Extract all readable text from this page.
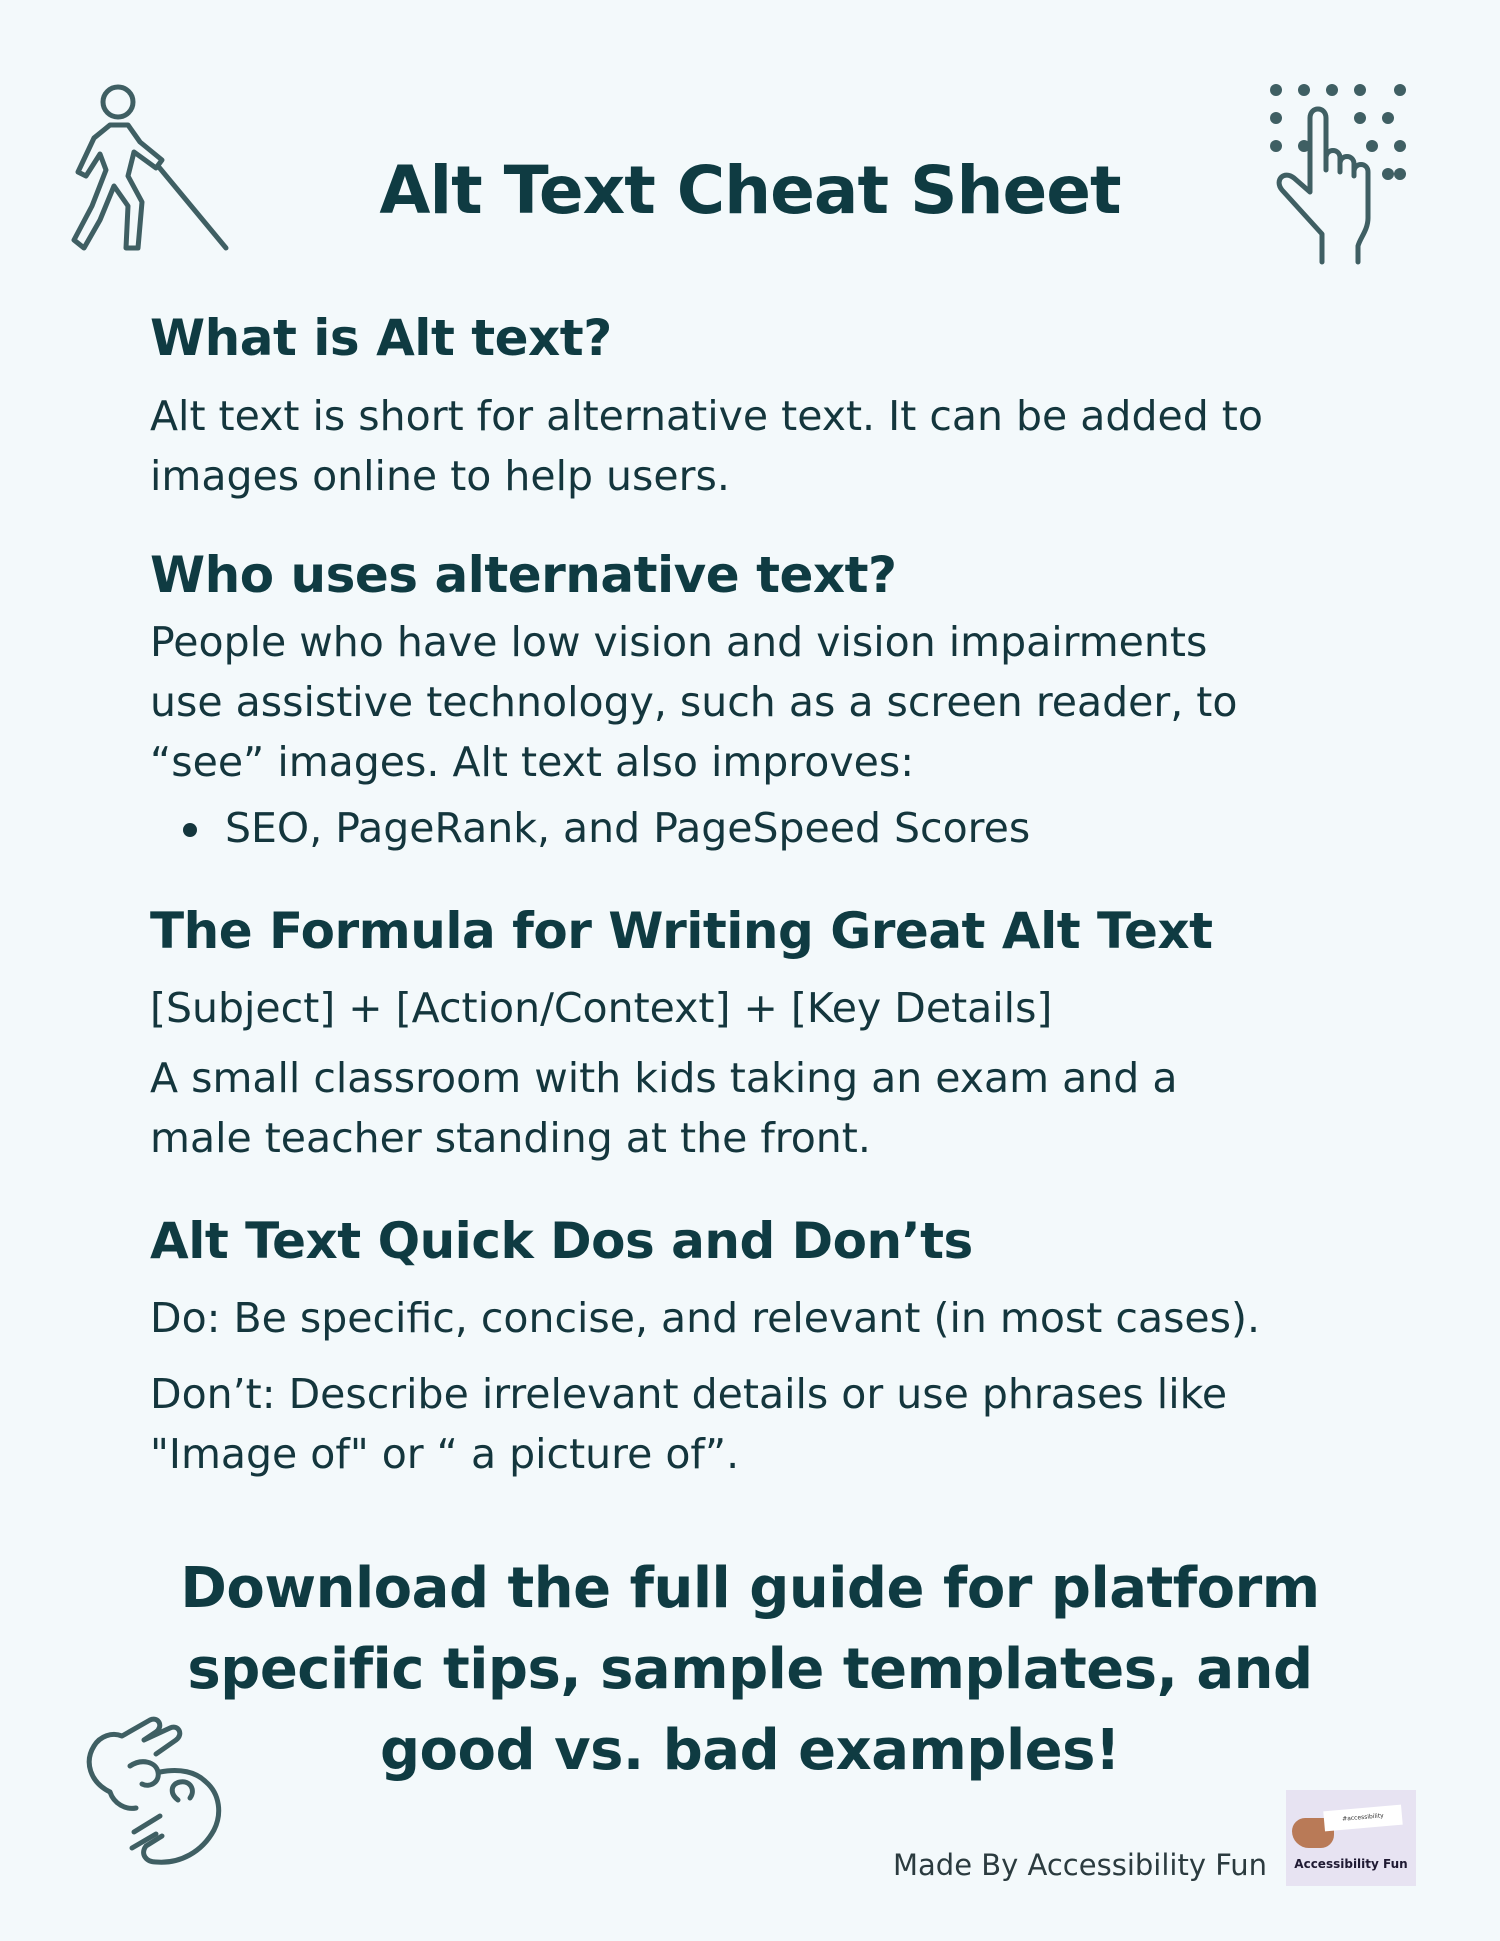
Alt Text Cheat Sheet
What is Alt text?

Alt text is short for alternative text. It can be added to

images online to help users.

Who uses alternative text?

People who have low vision and vision impairments

use assistive technology, such as a screen reader, to

“see” images. Alt text also improves:

SEO, PageRank, and PageSpeed Scores

The Formula for Writing Great Alt Text

[Subject] + [Action/Context] + [Key Details]

A small classroom with kids taking an exam and a

male teacher standing at the front.

Alt Text Quick Dos and Don’ts

Do: Be specific, concise, and relevant (in most cases).

Don’t: Describe irrelevant details or use phrases like

"Image of" or “ a picture of”.

Download the full guide for platform
specific tips, sample templates, and
good vs. bad examples!
Made By Accessibility Fun
#accessibility
Accessibility Fun
